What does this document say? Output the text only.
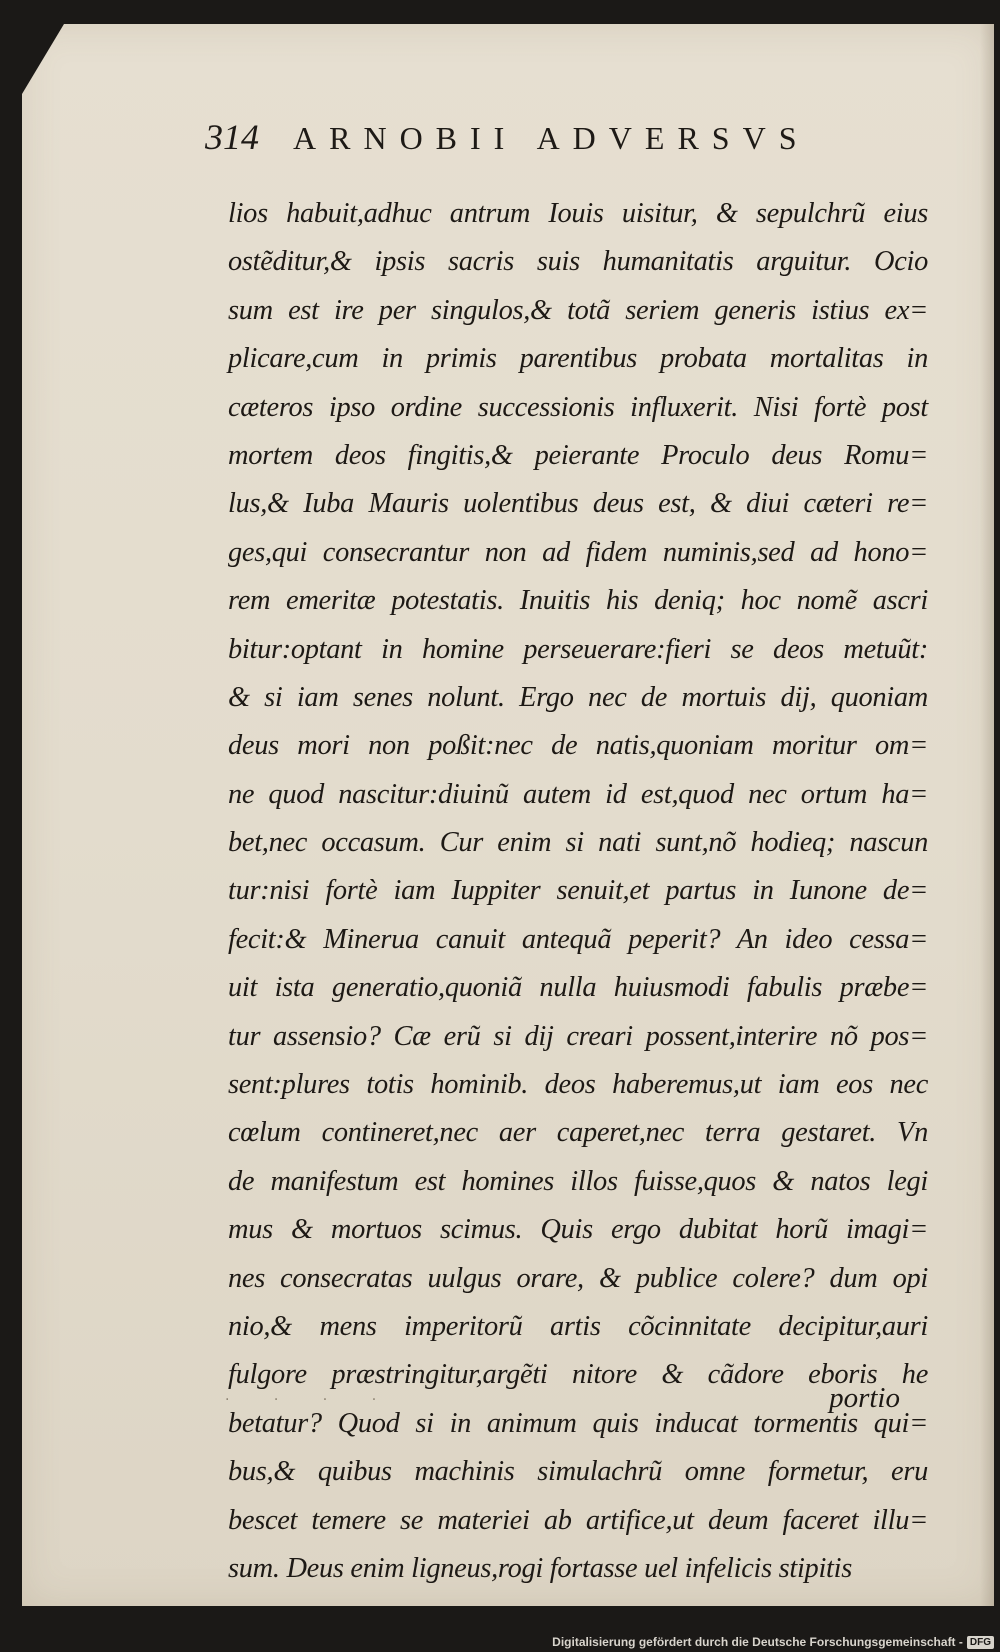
314 ARNOBII ADVERSVS
lios habuit,adhuc antrum Iouis uisitur, & sepulchrũ eius
ostẽditur,& ipsis sacris suis humanitatis arguitur. Ocio
sum est ire per singulos,& totã seriem generis istius ex=
plicare,cum in primis parentibus probata mortalitas in
cæteros ipso ordine successionis influxerit. Nisi fortè post
mortem deos fingitis,& peierante Proculo deus Romu=
lus,& Iuba Mauris uolentibus deus est, & diui cæteri re=
ges,qui consecrantur non ad fidem numinis,sed ad hono=
rem emeritæ potestatis. Inuitis his deniq; hoc nomẽ ascri
bitur:optant in homine perseuerare:fieri se deos metuũt:
& si iam senes nolunt. Ergo nec de mortuis dij, quoniam
deus mori non poßit:nec de natis,quoniam moritur om=
ne quod nascitur:diuinũ autem id est,quod nec ortum ha=
bet,nec occasum. Cur enim si nati sunt,nõ hodieq; nascun
tur:nisi fortè iam Iuppiter senuit,et partus in Iunone de=
fecit:& Minerua canuit antequã peperit? An ideo cessa=
uit ista generatio,quoniã nulla huiusmodi fabulis præbe=
tur assensio? Cæ erũ si dij creari possent,interire nõ pos=
sent:plures totis hominib. deos haberemus,ut iam eos nec
cœlum contineret,nec aer caperet,nec terra gestaret. Vn
de manifestum est homines illos fuisse,quos & natos legi
mus & mortuos scimus. Quis ergo dubitat horũ imagi=
nes consecratas uulgus orare, & publice colere? dum opi
nio,& mens imperitorũ artis cõcinnitate decipitur,auri
fulgore præstringitur,argẽti nitore & cãdore eboris he
betatur? Quod si in animum quis inducat tormentis qui=
bus,& quibus machinis simulachrũ omne formetur, eru
bescet temere se materiei ab artifice,ut deum faceret illu=
sum. Deus enim ligneus,rogi fortasse uel infelicis stipitis
· · · ·	portio
Digitalisierung gefördert durch die Deutsche Forschungsgemeinschaft - DFG
